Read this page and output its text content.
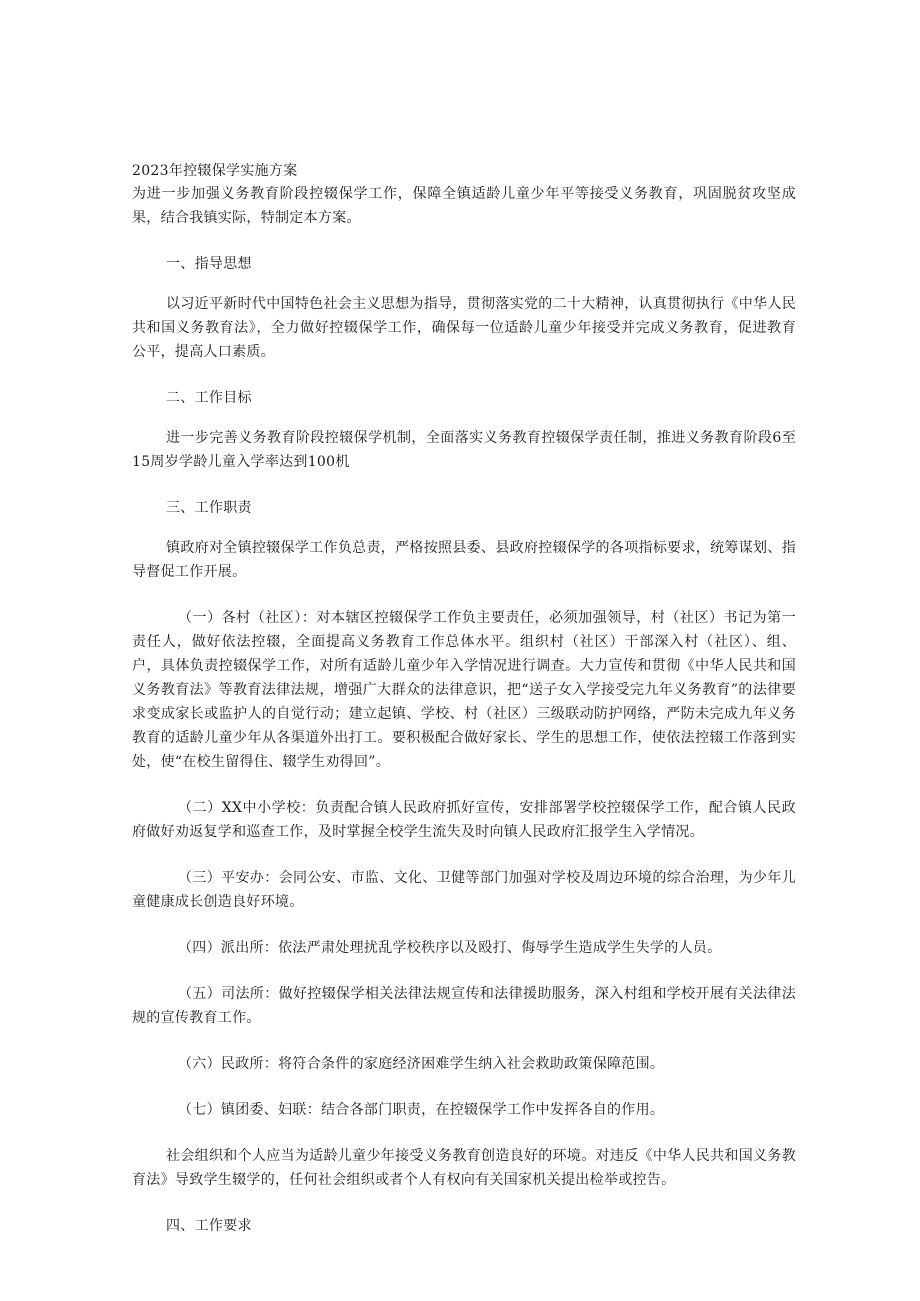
2023年控辍保学实施方案

为进一步加强义务教育阶段控辍保学工作，保障全镇适龄儿童少年平等接受义务教育，巩固脱贫攻坚成果，结合我镇实际，特制定本方案。

一、指导思想

以习近平新时代中国特色社会主义思想为指导，贯彻落实党的二十大精神，认真贯彻执行《中华人民共和国义务教育法》，全力做好控辍保学工作，确保每一位适龄儿童少年接受并完成义务教育，促进教育公平，提高人口素质。

二、工作目标

进一步完善义务教育阶段控辍保学机制，全面落实义务教育控辍保学责任制，推进义务教育阶段6至15周岁学龄儿童入学率达到100机

三、工作职责

镇政府对全镇控辍保学工作负总责，严格按照县委、县政府控辍保学的各项指标要求，统筹谋划、指导督促工作开展。

（一）各村（社区）：对本辖区控辍保学工作负主要责任，必须加强领导，村（社区）书记为第一责任人，做好依法控辍，全面提高义务教育工作总体水平。组织村（社区）干部深入村（社区）、组、户，具体负责控辍保学工作，对所有适龄儿童少年入学情况进行调查。大力宣传和贯彻《中华人民共和国义务教育法》等教育法律法规，增强广大群众的法律意识，把“送子女入学接受完九年义务教育”的法律要求变成家长或监护人的自觉行动；建立起镇、学校、村（社区）三级联动防护网络，严防未完成九年义务教育的适龄儿童少年从各渠道外出打工。要积极配合做好家长、学生的思想工作，使依法控辍工作落到实处，使“在校生留得住、辍学生劝得回”。

（二）XX中小学校：负责配合镇人民政府抓好宣传，安排部署学校控辍保学工作，配合镇人民政府做好劝返复学和巡查工作，及时掌握全校学生流失及时向镇人民政府汇报学生入学情况。

（三）平安办：会同公安、市监、文化、卫健等部门加强对学校及周边环境的综合治理，为少年儿童健康成长创造良好环境。

（四）派出所：依法严肃处理扰乱学校秩序以及殴打、侮辱学生造成学生失学的人员。

（五）司法所：做好控辍保学相关法律法规宣传和法律援助服务，深入村组和学校开展有关法律法规的宣传教育工作。

（六）民政所：将符合条件的家庭经济困难学生纳入社会救助政策保障范围。

（七）镇团委、妇联：结合各部门职责，在控辍保学工作中发挥各自的作用。

社会组织和个人应当为适龄儿童少年接受义务教育创造良好的环境。对违反《中华人民共和国义务教育法》导致学生辍学的，任何社会组织或者个人有权向有关国家机关提出检举或控告。

四、工作要求
